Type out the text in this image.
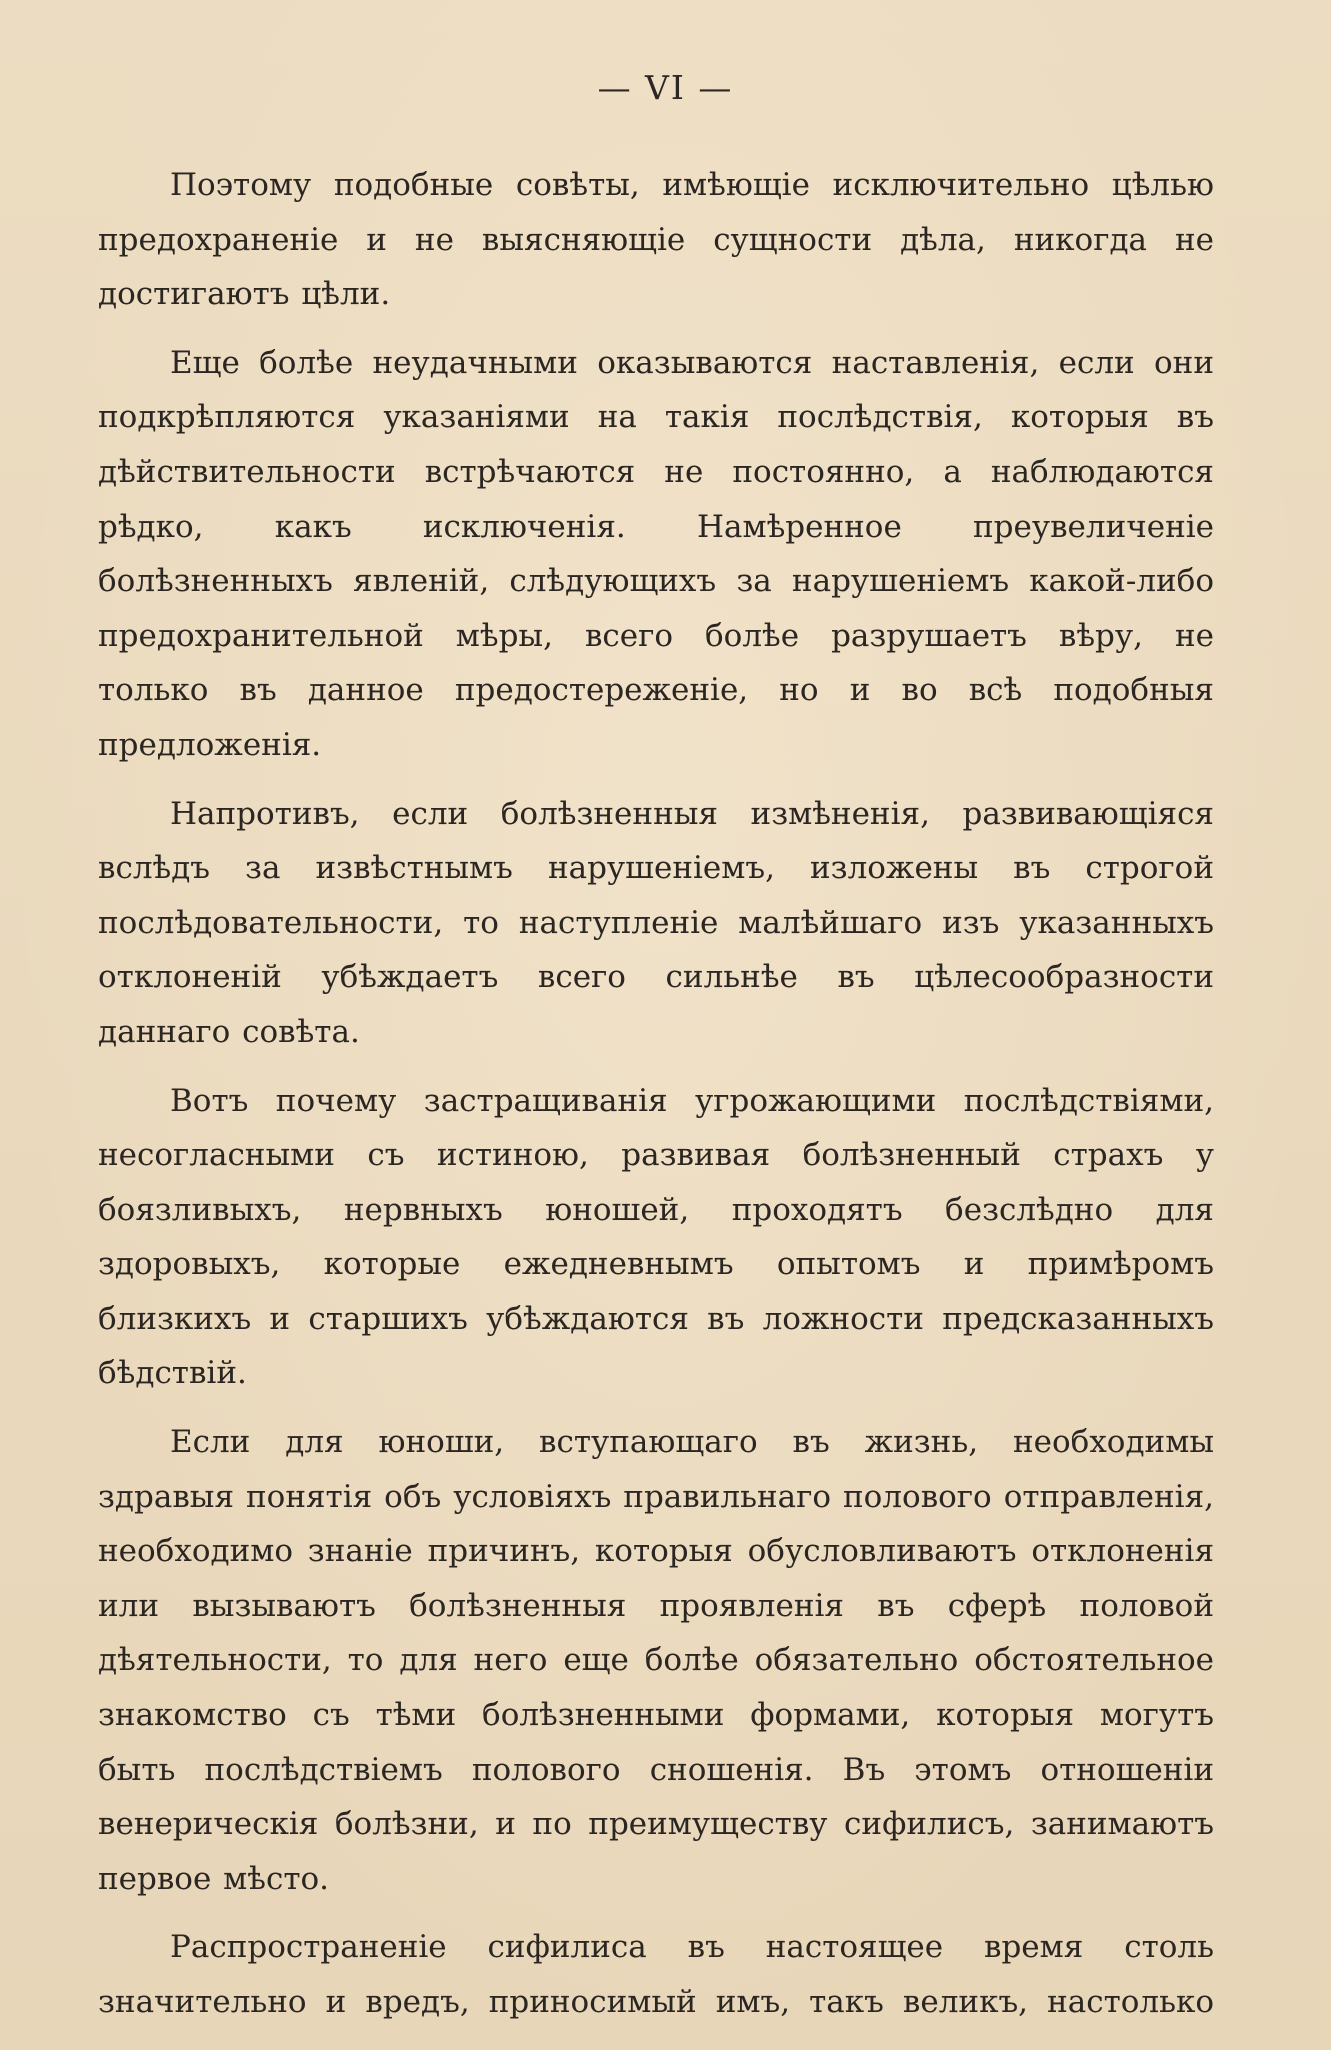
— VI —

Поэтому подобные совѣты, имѣющіе исключительно цѣлью предохраненіе и не выясняющіе сущности дѣла, никогда не достигаютъ цѣли.

Еще болѣе неудачными оказываются наставленія, если они подкрѣпляются указаніями на такія послѣдствія, которыя въ дѣйствительности встрѣчаются не постоянно, а наблюдаются рѣдко, какъ исключенія. Намѣренное преувеличеніе болѣзненныхъ явленій, слѣдующихъ за нарушеніемъ какой-либо предохранительной мѣры, всего болѣе разрушаетъ вѣру, не только въ данное предостереженіе, но и во всѣ подобныя предложенія.

Напротивъ, если болѣзненныя измѣненія, развивающіяся вслѣдъ за извѣстнымъ нарушеніемъ, изложены въ строгой послѣдовательности, то наступленіе малѣйшаго изъ указанныхъ отклоненій убѣждаетъ всего сильнѣе въ цѣлесообразности даннаго совѣта.

Вотъ почему застращиванія угрожающими послѣдствіями, несогласными съ истиною, развивая болѣзненный страхъ у боязливыхъ, нервныхъ юношей, проходятъ безслѣдно для здоровыхъ, которые ежедневнымъ опытомъ и примѣромъ близкихъ и старшихъ убѣждаются въ ложности предсказанныхъ бѣдствій.

Если для юноши, вступающаго въ жизнь, необходимы здравыя понятія объ условіяхъ правильнаго полового отправленія, необходимо знаніе причинъ, которыя обусловливаютъ отклоненія или вызываютъ болѣзненныя проявленія въ сферѣ половой дѣятельности, то для него еще болѣе обязательно обстоятельное знакомство съ тѣми болѣзненными формами, которыя могутъ быть послѣдствіемъ полового сношенія. Въ этомъ отношеніи венерическія болѣзни, и по преимуществу сифилисъ, занимаютъ первое мѣсто.

Распространеніе сифилиса въ настоящее время столь значительно и вредъ, приносимый имъ, такъ великъ, настолько
